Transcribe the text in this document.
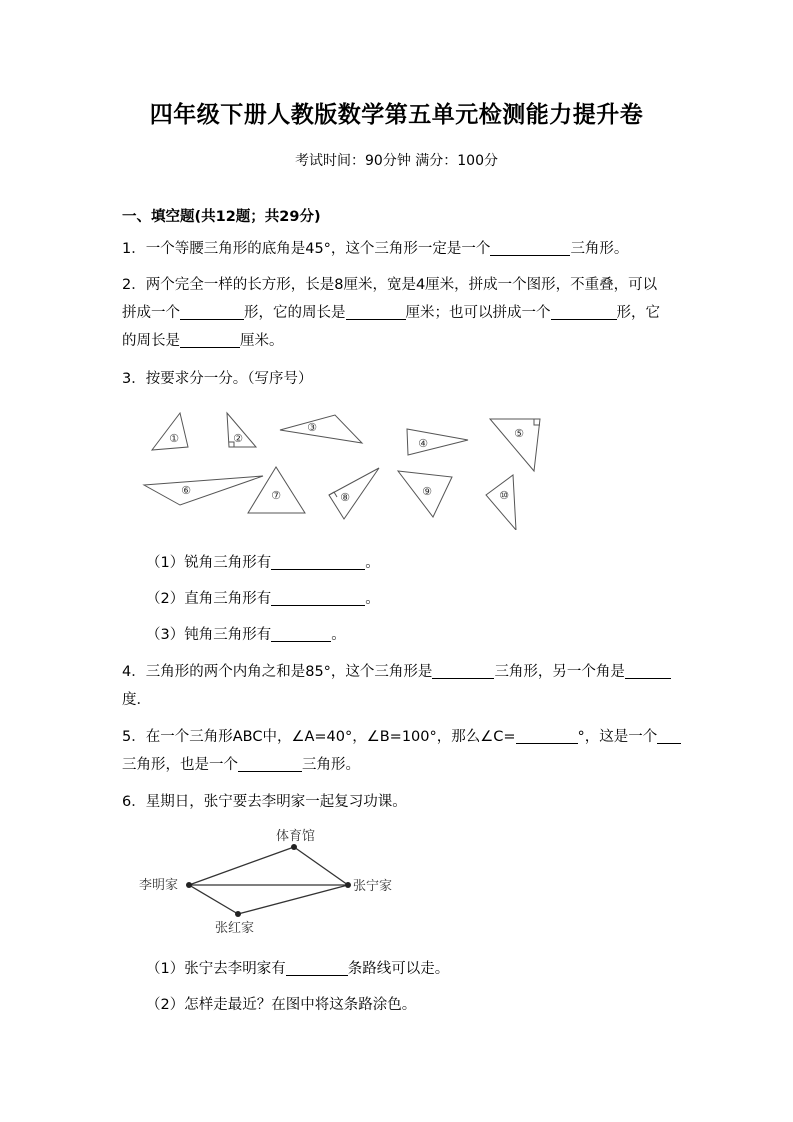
四年级下册人教版数学第五单元检测能力提升卷
考试时间：90分钟 满分：100分
一、填空题(共12题；共29分)
1．一个等腰三角形的底角是45°，这个三角形一定是一个	三角形。
2．两个完全一样的长方形，长是8厘米，宽是4厘米，拼成一个图形，不重叠，可以
拼成一个	形，它的周长是	厘米；也可以拼成一个	形，它
的周长是	厘米。
3．按要求分一分。（写序号）
①	②
③
④
⑤
⑥	⑦	⑧	⑨	⑩
（1）锐角三角形有	。
（2）直角三角形有	。
（3）钝角三角形有	。
4．三角形的两个内角之和是85°，这个三角形是	三角形，另一个角是
度．
5．在一个三角形ABC中，∠A=40°，∠B=100°，那么∠C=	°，这是一个
三角形，也是一个	三角形。
6．星期日，张宁要去李明家一起复习功课。
体育馆
李明家	张宁家
张红家
（1）张宁去李明家有	条路线可以走。
（2）怎样走最近？在图中将这条路涂色。
